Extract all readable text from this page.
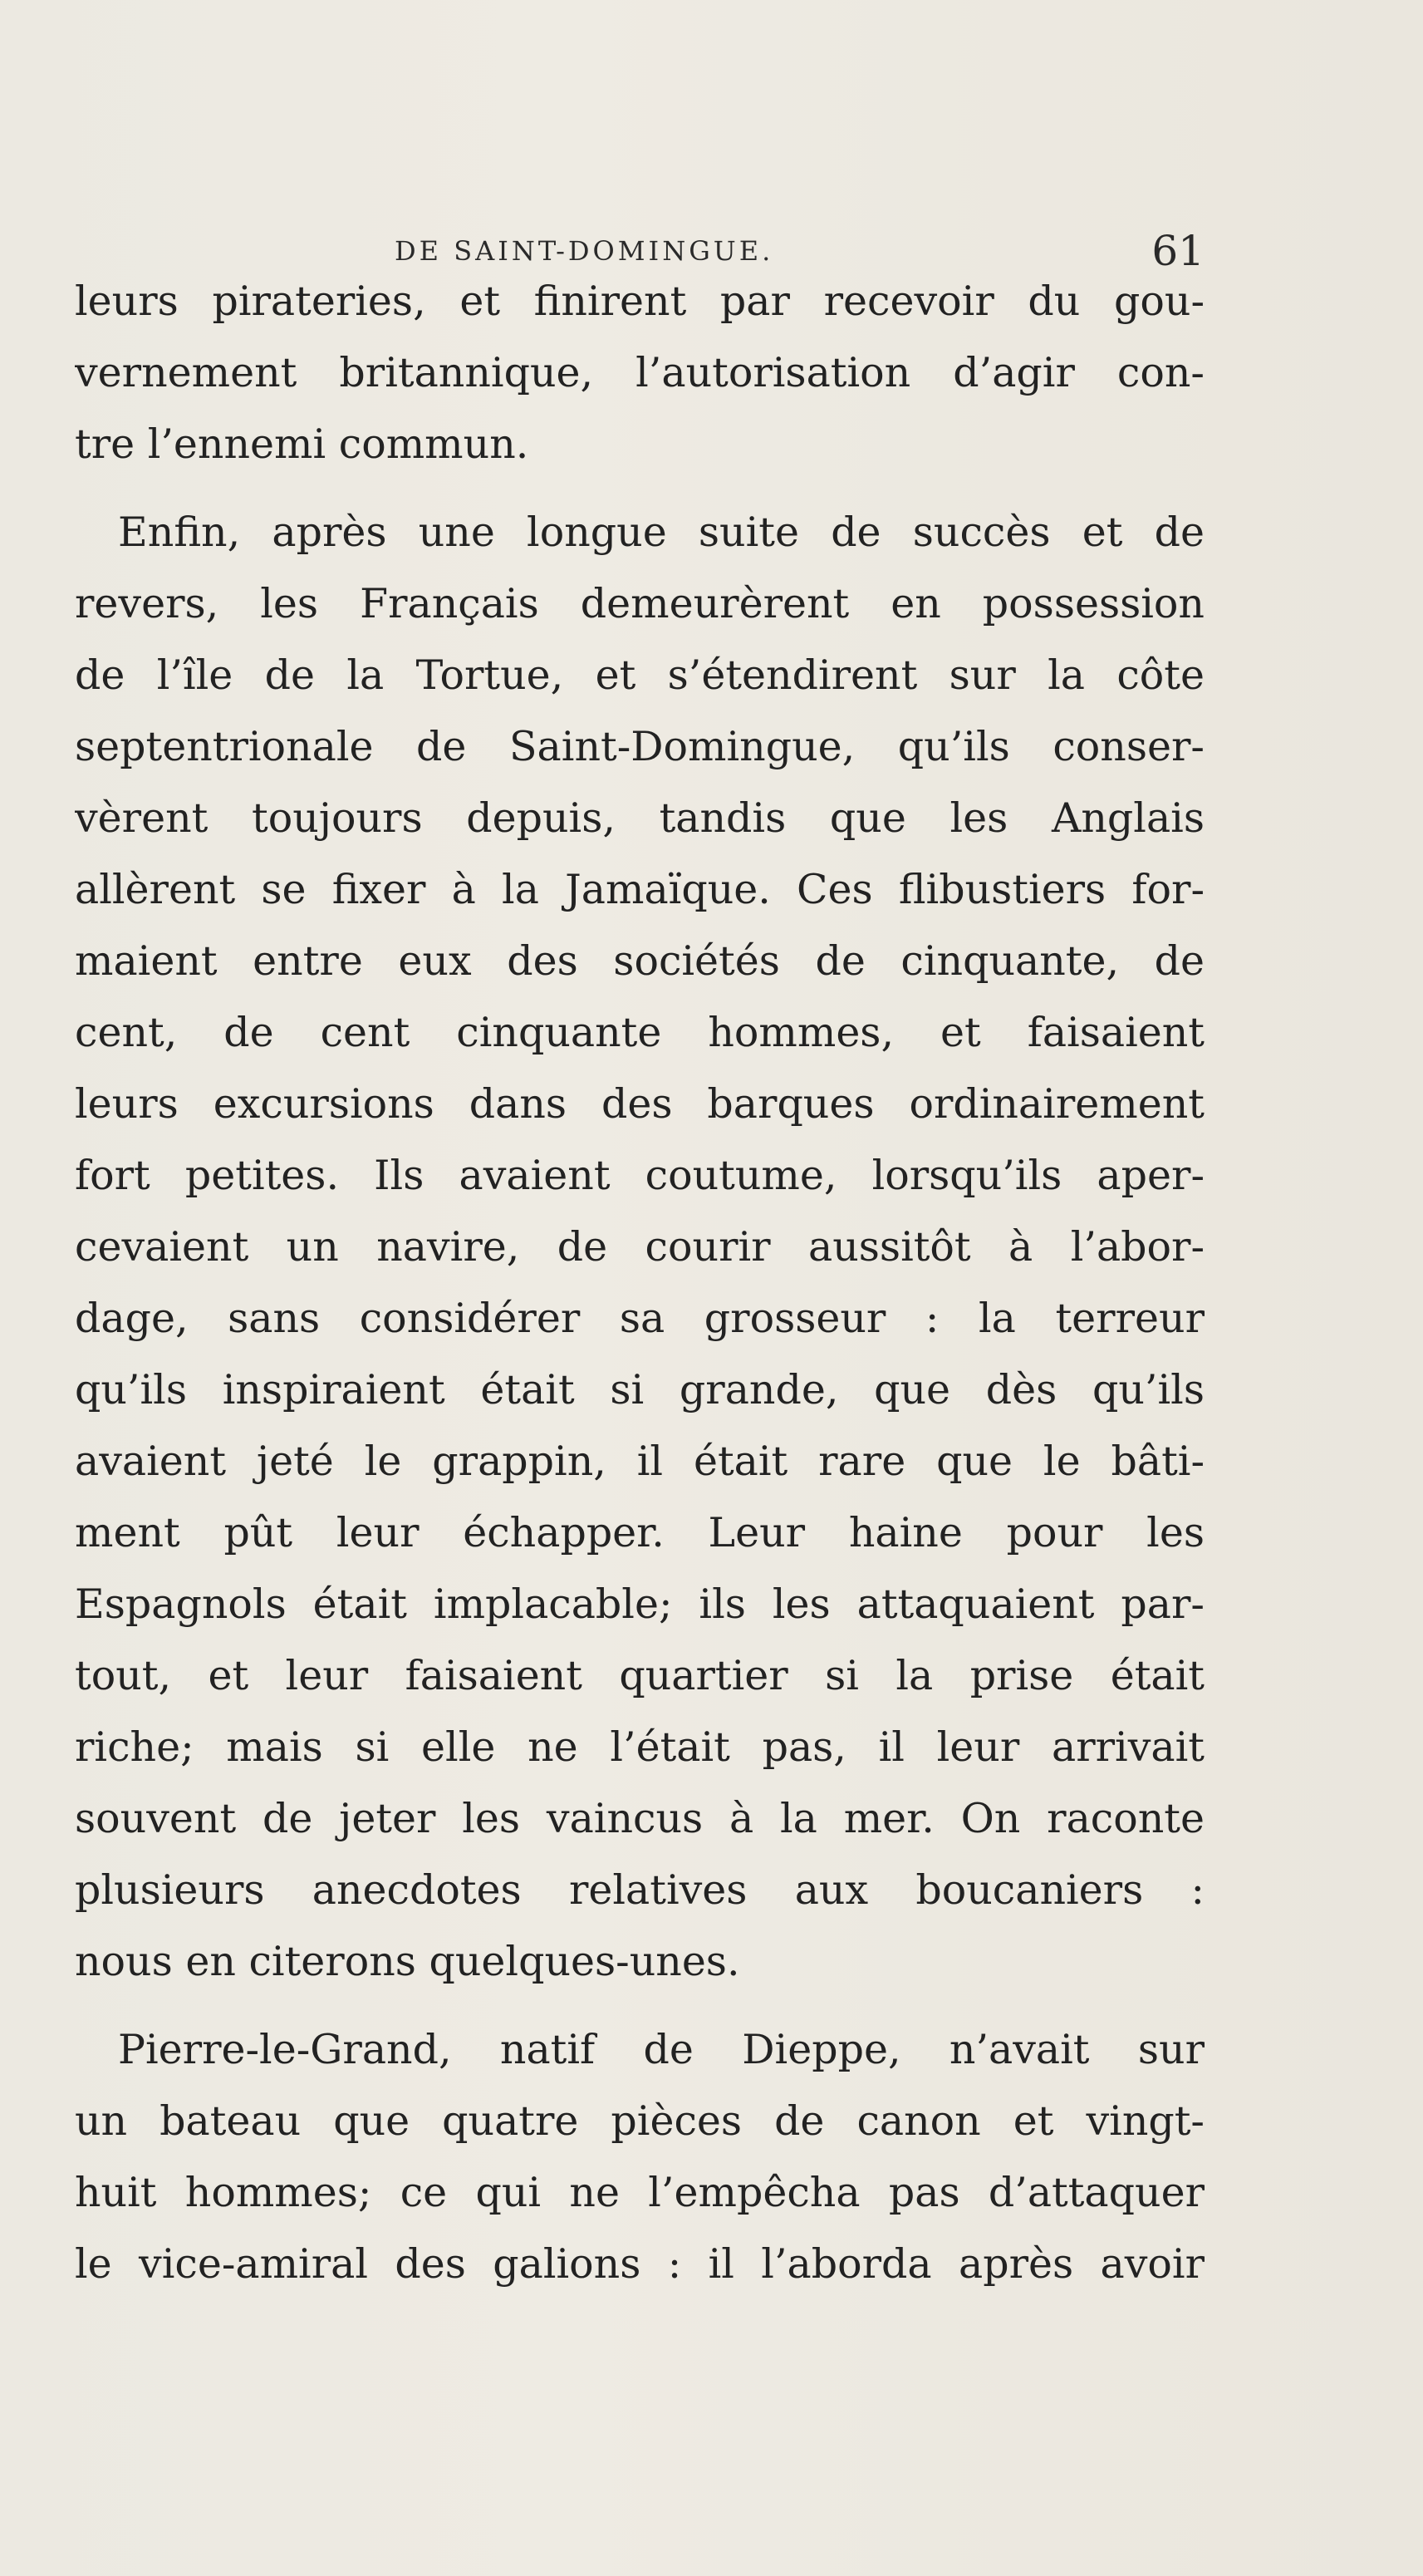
DE SAINT-DOMINGUE.	61
leurs pirateries, et finirent par recevoir du gou-
vernement britannique, l’autorisation d’agir con-
tre l’ennemi commun.
Enfin, après une longue suite de succès et de
revers, les Français demeurèrent en possession
de l’île de la Tortue, et s’étendirent sur la côte
septentrionale de Saint-Domingue, qu’ils conser-
vèrent toujours depuis, tandis que les Anglais
allèrent se fixer à la Jamaïque. Ces flibustiers for-
maient entre eux des sociétés de cinquante, de
cent, de cent cinquante hommes, et faisaient
leurs excursions dans des barques ordinairement
fort petites. Ils avaient coutume, lorsqu’ils aper-
cevaient un navire, de courir aussitôt à l’abor-
dage, sans considérer sa grosseur : la terreur
qu’ils inspiraient était si grande, que dès qu’ils
avaient jeté le grappin, il était rare que le bâti-
ment pût leur échapper. Leur haine pour les
Espagnols était implacable; ils les attaquaient par-
tout, et leur faisaient quartier si la prise était
riche; mais si elle ne l’était pas, il leur arrivait
souvent de jeter les vaincus à la mer. On raconte
plusieurs anecdotes relatives aux boucaniers :
nous en citerons quelques-unes.
Pierre-le-Grand, natif de Dieppe, n’avait sur
un bateau que quatre pièces de canon et vingt-
huit hommes; ce qui ne l’empêcha pas d’attaquer
le vice-amiral des galions : il l’aborda après avoir
